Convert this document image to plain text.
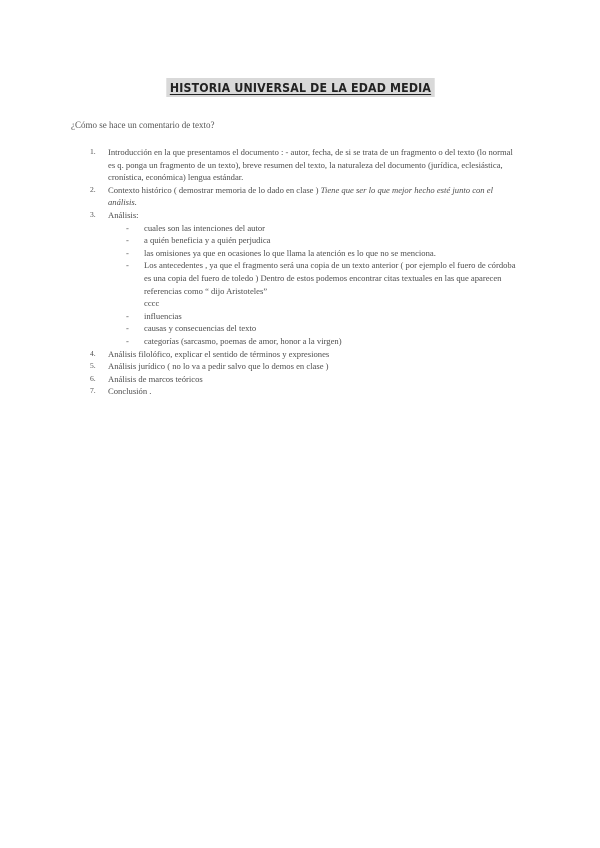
HISTORIA UNIVERSAL DE LA EDAD MEDIA
¿Cómo se hace un comentario de texto?
1. Introducción en la que presentamos el documento : - autor, fecha, de si se trata de un fragmento o del texto (lo normal es q. ponga un fragmento de un texto), breve resumen del texto, la naturaleza del documento (jurídica, eclesiástica, cronística, económica) lengua estándar.
2. Contexto histórico ( demostrar memoria de lo dado en clase ) Tiene que ser lo que mejor hecho esté junto con el análisis.
3. Análisis:
- cuales son las intenciones del autor
- a quién beneficia y a quién perjudica
- las omisiones ya que en ocasiones lo que llama la atención es lo que no se menciona.
- Los antecedentes , ya que el fragmento será una copia de un texto anterior ( por ejemplo el fuero de córdoba es una copia del fuero de toledo ) Dentro de estos podemos encontrar citas textuales en las que aparecen referencias como “ dijo Aristoteles”
cccc
- influencias
- causas y consecuencias del texto
- categorías (sarcasmo, poemas de amor, honor a la virgen)
4. Análisis filolófico, explicar el sentido de términos y expresiones
5. Análisis jurídico ( no lo va a pedir salvo que lo demos en clase )
6. Análisis de marcos teóricos
7. Conclusión .
